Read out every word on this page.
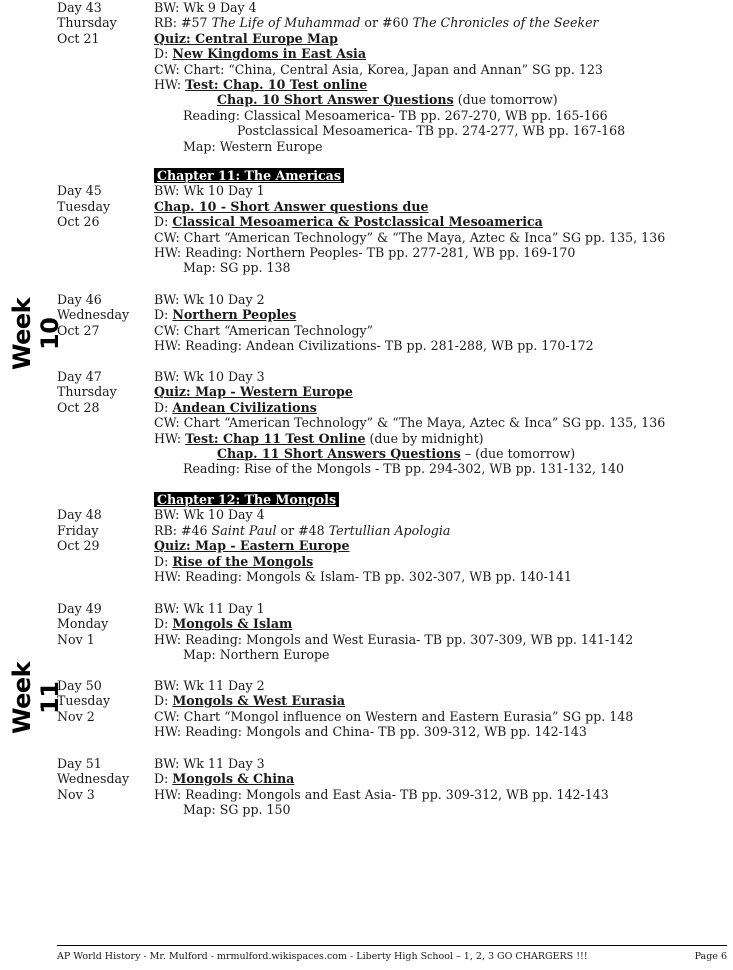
Week 10
Week 11
Day 43	BW: Wk 9 Day 4
Thursday	RB: #57 The Life of Muhammad or #60 The Chronicles of the Seeker
Oct 21	Quiz: Central Europe Map
D: New Kingdoms in East Asia
CW: Chart: “China, Central Asia, Korea, Japan and Annan” SG pp. 123
HW: Test: Chap. 10 Test online
Chap. 10 Short Answer Questions (due tomorrow)
Reading: Classical Mesoamerica- TB pp. 267-270, WB pp. 165-166
Postclassical Mesoamerica- TB pp. 274-277, WB pp. 167-168
Map: Western Europe
Chapter 11: The Americas
Day 45	BW: Wk 10 Day 1
Tuesday	Chap. 10 - Short Answer questions due
Oct 26	D: Classical Mesoamerica & Postclassical Mesoamerica
CW: Chart “American Technology” & “The Maya, Aztec & Inca” SG pp. 135, 136
HW: Reading: Northern Peoples- TB pp. 277-281, WB pp. 169-170
Map: SG pp. 138
Day 46	BW: Wk 10 Day 2
Wednesday	D: Northern Peoples
Oct 27	CW: Chart “American Technology”
HW: Reading: Andean Civilizations- TB pp. 281-288, WB pp. 170-172
Day 47	BW: Wk 10 Day 3
Thursday	Quiz: Map - Western Europe
Oct 28	D: Andean Civilizations
CW: Chart “American Technology” & “The Maya, Aztec & Inca” SG pp. 135, 136
HW: Test: Chap 11 Test Online (due by midnight)
Chap. 11 Short Answers Questions – (due tomorrow)
Reading: Rise of the Mongols - TB pp. 294-302, WB pp. 131-132, 140
Chapter 12: The Mongols
Day 48	BW: Wk 10 Day 4
Friday	RB: #46 Saint Paul or #48 Tertullian Apologia
Oct 29	Quiz: Map - Eastern Europe
D: Rise of the Mongols
HW: Reading: Mongols & Islam- TB pp. 302-307, WB pp. 140-141
Day 49	BW: Wk 11 Day 1
Monday	D: Mongols & Islam
Nov 1	HW: Reading: Mongols and West Eurasia- TB pp. 307-309, WB pp. 141-142
Map: Northern Europe
Day 50	BW: Wk 11 Day 2
Tuesday	D: Mongols & West Eurasia
Nov 2	CW: Chart “Mongol influence on Western and Eastern Eurasia” SG pp. 148
HW: Reading: Mongols and China- TB pp. 309-312, WB pp. 142-143
Day 51	BW: Wk 11 Day 3
Wednesday	D: Mongols & China
Nov 3	HW: Reading: Mongols and East Asia- TB pp. 309-312, WB pp. 142-143
Map: SG pp. 150
AP World History - Mr. Mulford - mrmulford.wikispaces.com - Liberty High School – 1, 2, 3 GO CHARGERS !!!	Page 6
